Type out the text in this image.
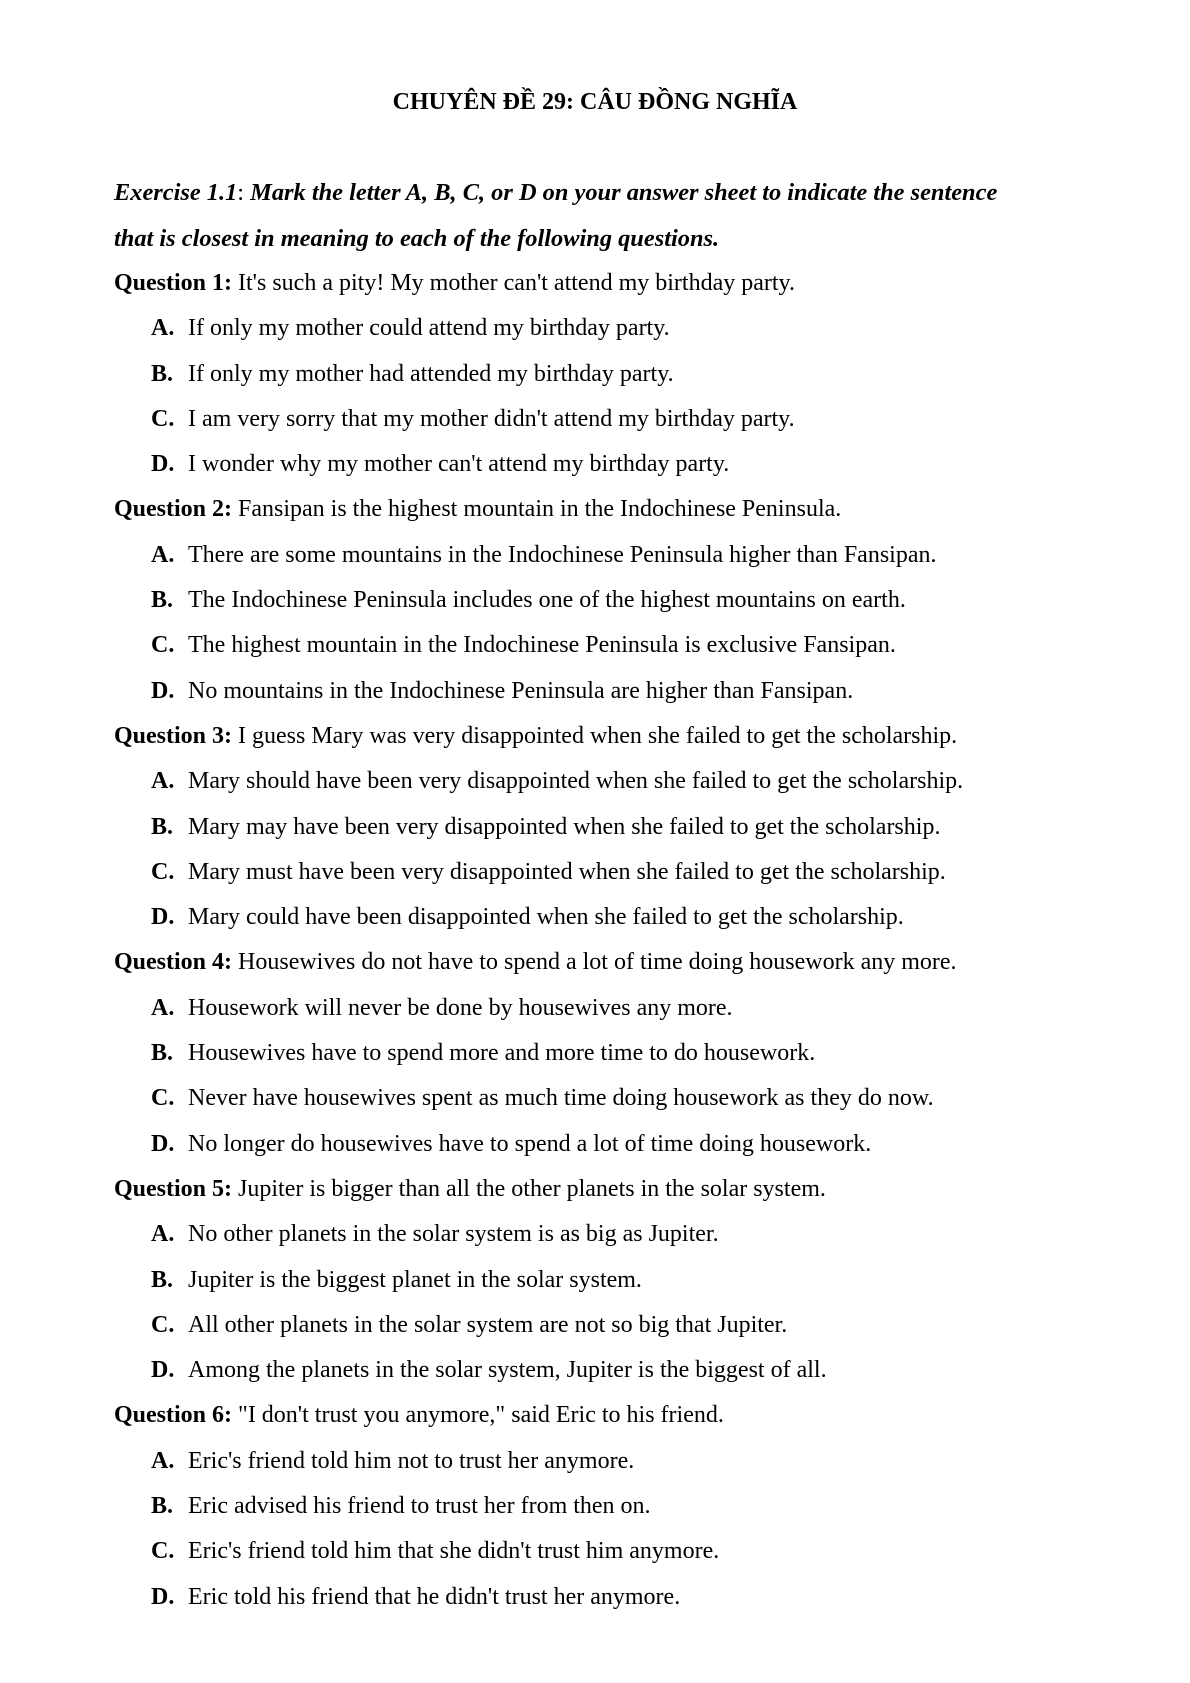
CHUYÊN ĐỀ 29: CÂU ĐỒNG NGHĨA

Exercise 1.1: Mark the letter A, B, C, or D on your answer sheet to indicate the sentence

that is closest in meaning to each of the following questions.

Question 1: It's such a pity! My mother can't attend my birthday party.

A. If only my mother could attend my birthday party.

B. If only my mother had attended my birthday party.

C. I am very sorry that my mother didn't attend my birthday party.

D. I wonder why my mother can't attend my birthday party.

Question 2: Fansipan is the highest mountain in the Indochinese Peninsula.

A. There are some mountains in the Indochinese Peninsula higher than Fansipan.

B. The Indochinese Peninsula includes one of the highest mountains on earth.

C. The highest mountain in the Indochinese Peninsula is exclusive Fansipan.

D. No mountains in the Indochinese Peninsula are higher than Fansipan.

Question 3: I guess Mary was very disappointed when she failed to get the scholarship.

A. Mary should have been very disappointed when she failed to get the scholarship.

B. Mary may have been very disappointed when she failed to get the scholarship.

C. Mary must have been very disappointed when she failed to get the scholarship.

D. Mary could have been disappointed when she failed to get the scholarship.

Question 4: Housewives do not have to spend a lot of time doing housework any more.

A. Housework will never be done by housewives any more.

B. Housewives have to spend more and more time to do housework.

C. Never have housewives spent as much time doing housework as they do now.

D. No longer do housewives have to spend a lot of time doing housework.

Question 5: Jupiter is bigger than all the other planets in the solar system.

A. No other planets in the solar system is as big as Jupiter.

B. Jupiter is the biggest planet in the solar system.

C. All other planets in the solar system are not so big that Jupiter.

D. Among the planets in the solar system, Jupiter is the biggest of all.

Question 6: "I don't trust you anymore," said Eric to his friend.

A. Eric's friend told him not to trust her anymore.

B. Eric advised his friend to trust her from then on.

C. Eric's friend told him that she didn't trust him anymore.

D. Eric told his friend that he didn't trust her anymore.
